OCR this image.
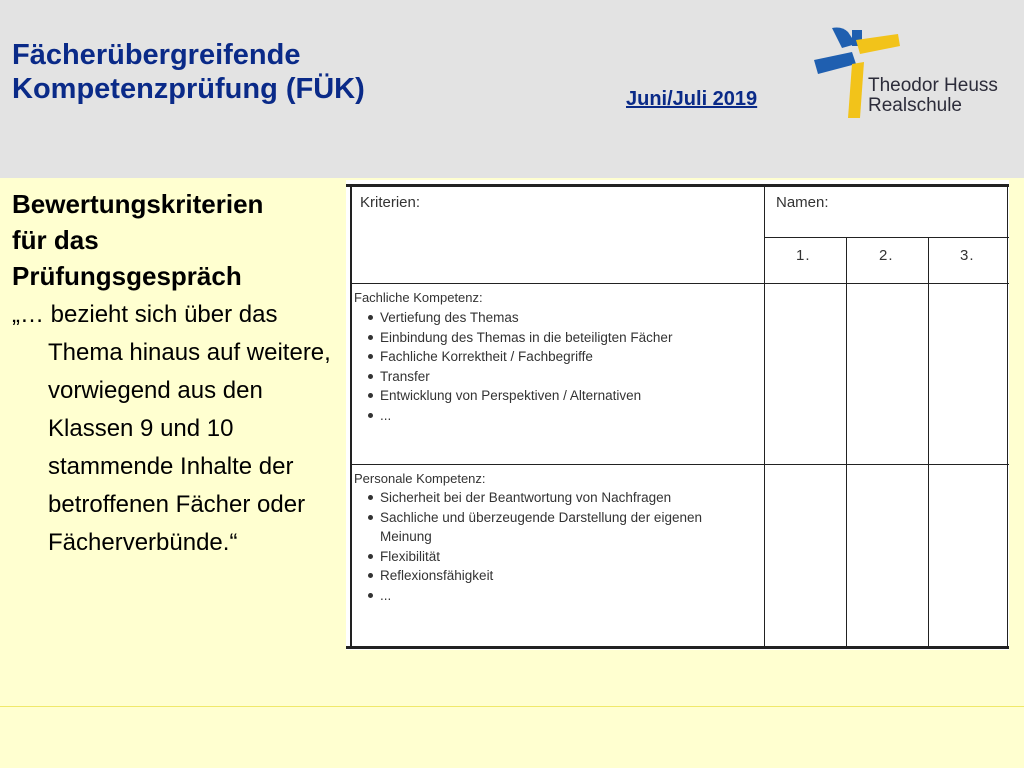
Fächerübergreifende
Kompetenzprüfung (FÜK)	Juni/Juli 2019
Theodor Heuss
Realschule
Bewertungskriterien
für das
Prüfungsgespräch
„… bezieht sich über das Thema hinaus auf weitere, vorwiegend aus den Klassen 9 und 10 stammende Inhalte der betroffenen Fächer oder Fächerverbünde.“
Kriterien:	Namen:
1.	2.	3.
Fachliche Kompetenz:
Vertiefung des Themas
Einbindung des Themas in die beteiligten Fächer
Fachliche Korrektheit / Fachbegriffe
Transfer
Entwicklung von Perspektiven / Alternativen
...
Personale Kompetenz:
Sicherheit bei der Beantwortung von Nachfragen
Sachliche und überzeugende Darstellung der eigenen Meinung
Flexibilität
Reflexionsfähigkeit
...
